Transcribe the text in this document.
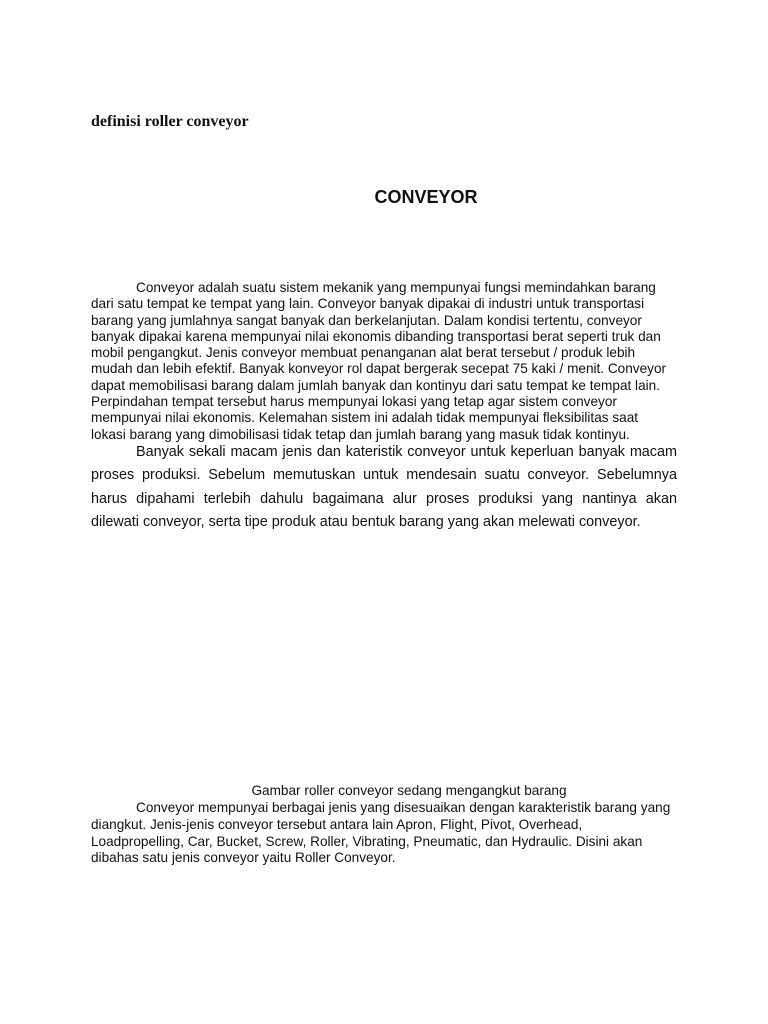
definisi roller conveyor
CONVEYOR

Conveyor adalah suatu sistem mekanik yang mempunyai fungsi memindahkan barang dari satu tempat ke tempat yang lain. Conveyor banyak dipakai di industri untuk transportasi barang yang jumlahnya sangat banyak dan berkelanjutan. Dalam kondisi tertentu, conveyor banyak dipakai karena mempunyai nilai ekonomis dibanding transportasi berat seperti truk dan mobil pengangkut. Jenis conveyor membuat penanganan alat berat tersebut / produk lebih mudah dan lebih efektif. Banyak konveyor rol dapat bergerak secepat 75 kaki / menit. Conveyor dapat memobilisasi barang dalam jumlah banyak dan kontinyu dari satu tempat ke tempat lain. Perpindahan tempat tersebut harus mempunyai lokasi yang tetap agar sistem conveyor mempunyai nilai ekonomis. Kelemahan sistem ini adalah tidak mempunyai fleksibilitas saat lokasi barang yang dimobilisasi tidak tetap dan jumlah barang yang masuk tidak kontinyu.

Banyak sekali macam jenis dan kateristik conveyor untuk keperluan banyak macam proses produksi. Sebelum memutuskan untuk mendesain suatu conveyor. Sebelumnya harus dipahami terlebih dahulu bagaimana alur proses produksi yang nantinya akan dilewati conveyor, serta tipe produk atau bentuk barang yang akan melewati conveyor.

Gambar roller conveyor sedang mengangkut barang

Conveyor mempunyai berbagai jenis yang disesuaikan dengan karakteristik barang yang diangkut. Jenis-jenis conveyor tersebut antara lain Apron, Flight, Pivot, Overhead, Loadpropelling, Car, Bucket, Screw, Roller, Vibrating, Pneumatic, dan Hydraulic. Disini akan dibahas satu jenis conveyor yaitu Roller Conveyor.
